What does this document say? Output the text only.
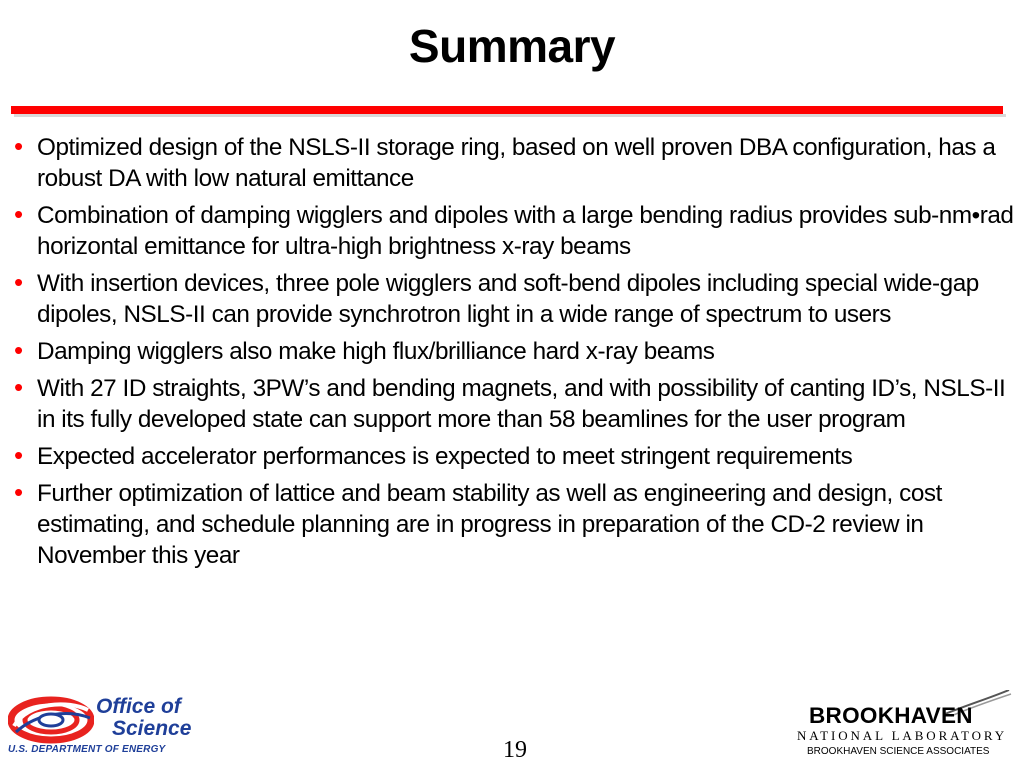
Summary
• Optimized design of the NSLS-II storage ring, based on well proven DBA configuration, has a robust DA with low natural emittance
• Combination of damping wigglers and dipoles with a large bending radius provides sub-nm•rad horizontal emittance for ultra-high brightness x-ray beams
• With insertion devices, three pole wigglers and soft-bend dipoles including special wide-gap dipoles, NSLS-II can provide synchrotron light in a wide range of spectrum to users
• Damping wigglers also make high flux/brilliance hard x-ray beams
• With 27 ID straights, 3PW’s and bending magnets, and with possibility of canting ID’s, NSLS-II in its fully developed state can support more than 58 beamlines for the user program
• Expected accelerator performances is expected to meet stringent requirements
• Further optimization of lattice and beam stability as well as engineering and design, cost estimating, and schedule planning are in progress in preparation of the CD-2 review in November this year
Office of
Science
U.S. DEPARTMENT OF ENERGY	19
BROOKHAVEN
NATIONAL LABORATORY
BROOKHAVEN SCIENCE ASSOCIATES
